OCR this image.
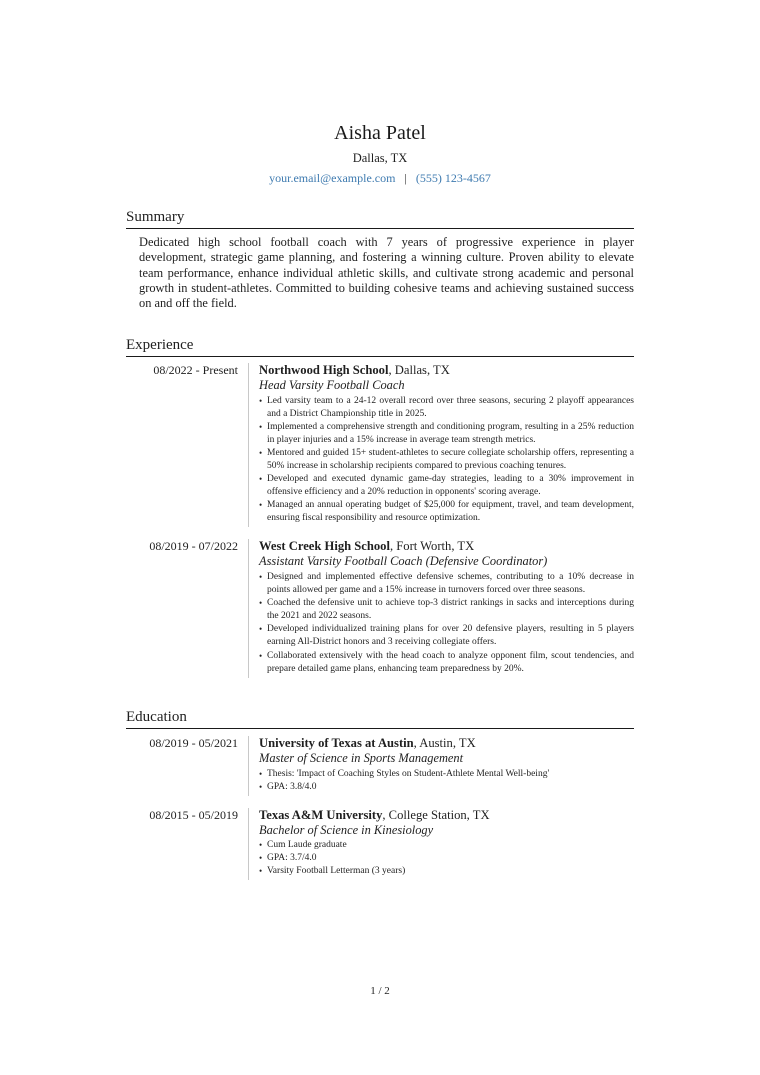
Aisha Patel
Dallas, TX
your.email@example.com | (555) 123-4567
Summary
Dedicated high school football coach with 7 years of progressive experience in player development, strategic game planning, and fostering a winning culture. Proven ability to elevate team performance, enhance individual athletic skills, and cultivate strong academic and personal growth in student-athletes. Committed to building cohesive teams and achieving sustained success on and off the field.
Experience
08/2022 - Present Northwood High School, Dallas, TX
Head Varsity Football Coach
• Led varsity team to a 24-12 overall record over three seasons, securing 2 playoff appearances and a District Championship title in 2025.
• Implemented a comprehensive strength and conditioning program, resulting in a 25% reduction in player injuries and a 15% increase in average team strength metrics.
• Mentored and guided 15+ student-athletes to secure collegiate scholarship offers, representing a 50% increase in scholarship recipients compared to previous coaching tenures.
• Developed and executed dynamic game-day strategies, leading to a 30% improvement in offensive efficiency and a 20% reduction in opponents' scoring average.
• Managed an annual operating budget of $25,000 for equipment, travel, and team development, ensuring fiscal responsibility and resource optimization.
08/2019 - 07/2022 West Creek High School, Fort Worth, TX
Assistant Varsity Football Coach (Defensive Coordinator)
• Designed and implemented effective defensive schemes, contributing to a 10% decrease in points allowed per game and a 15% increase in turnovers forced over three seasons.
• Coached the defensive unit to achieve top-3 district rankings in sacks and interceptions during the 2021 and 2022 seasons.
• Developed individualized training plans for over 20 defensive players, resulting in 5 players earning All-District honors and 3 receiving collegiate offers.
• Collaborated extensively with the head coach to analyze opponent film, scout tendencies, and prepare detailed game plans, enhancing team preparedness by 20%.
Education
08/2019 - 05/2021 University of Texas at Austin, Austin, TX
Master of Science in Sports Management
• Thesis: 'Impact of Coaching Styles on Student-Athlete Mental Well-being'
• GPA: 3.8/4.0
08/2015 - 05/2019 Texas A&M University, College Station, TX
Bachelor of Science in Kinesiology
• Cum Laude graduate
• GPA: 3.7/4.0
• Varsity Football Letterman (3 years)
1 / 2
